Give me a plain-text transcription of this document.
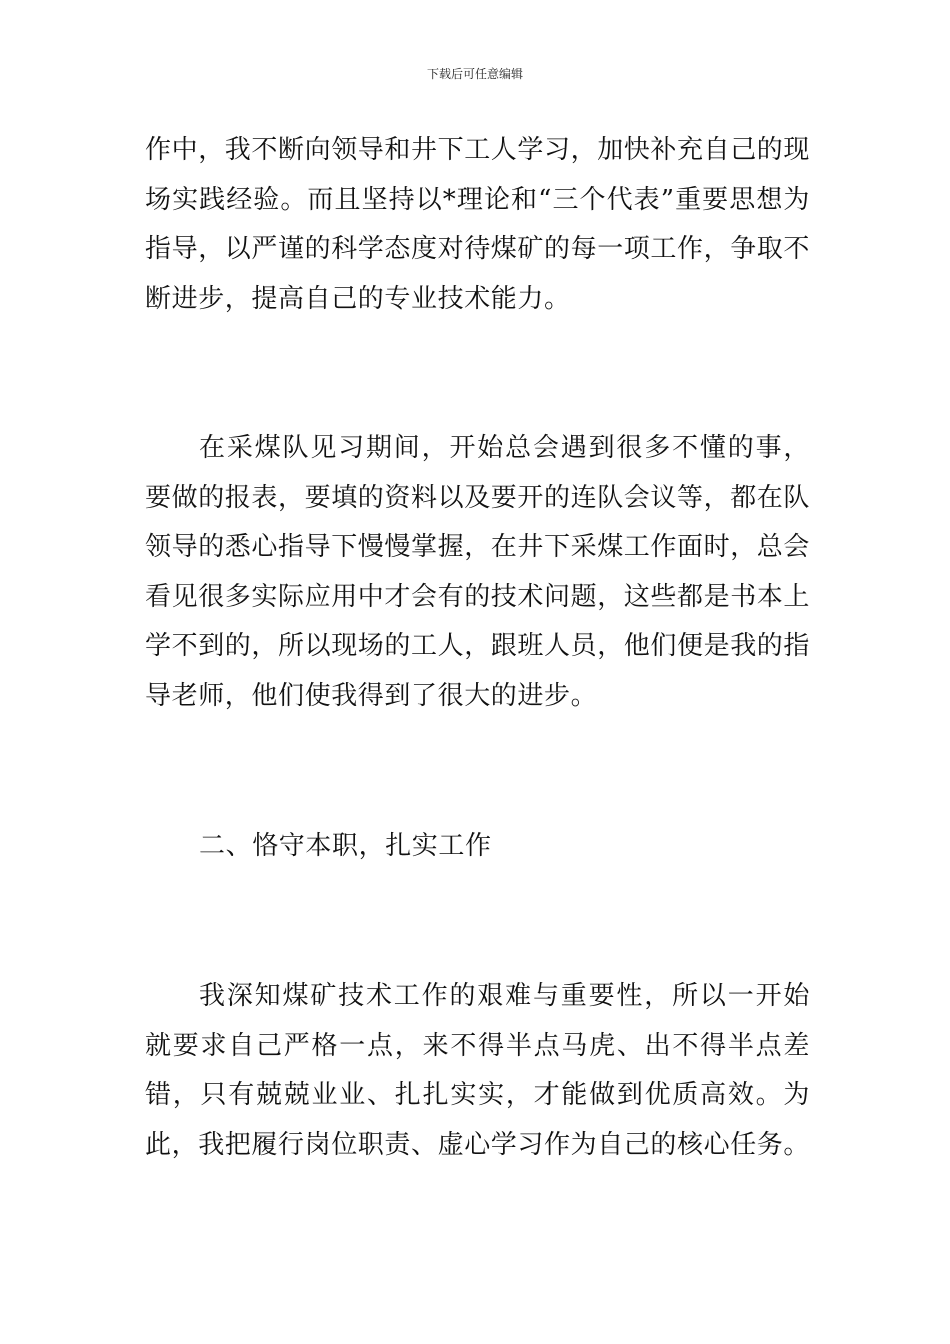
下载后可任意编辑

作中，我不断向领导和井下工人学习，加快补充自己的现场实践经验。而且坚持以*理论和“三个代表”重要思想为指导，以严谨的科学态度对待煤矿的每一项工作，争取不断进步，提高自己的专业技术能力。

在采煤队见习期间，开始总会遇到很多不懂的事，要做的报表，要填的资料以及要开的连队会议等，都在队领导的悉心指导下慢慢掌握，在井下采煤工作面时，总会看见很多实际应用中才会有的技术问题，这些都是书本上学不到的，所以现场的工人，跟班人员，他们便是我的指导老师，他们使我得到了很大的进步。

二、恪守本职，扎实工作

我深知煤矿技术工作的艰难与重要性，所以一开始就要求自己严格一点，来不得半点马虎、出不得半点差错，只有兢兢业业、扎扎实实，才能做到优质高效。为此，我把履行岗位职责、虚心学习作为自己的核心任务。
